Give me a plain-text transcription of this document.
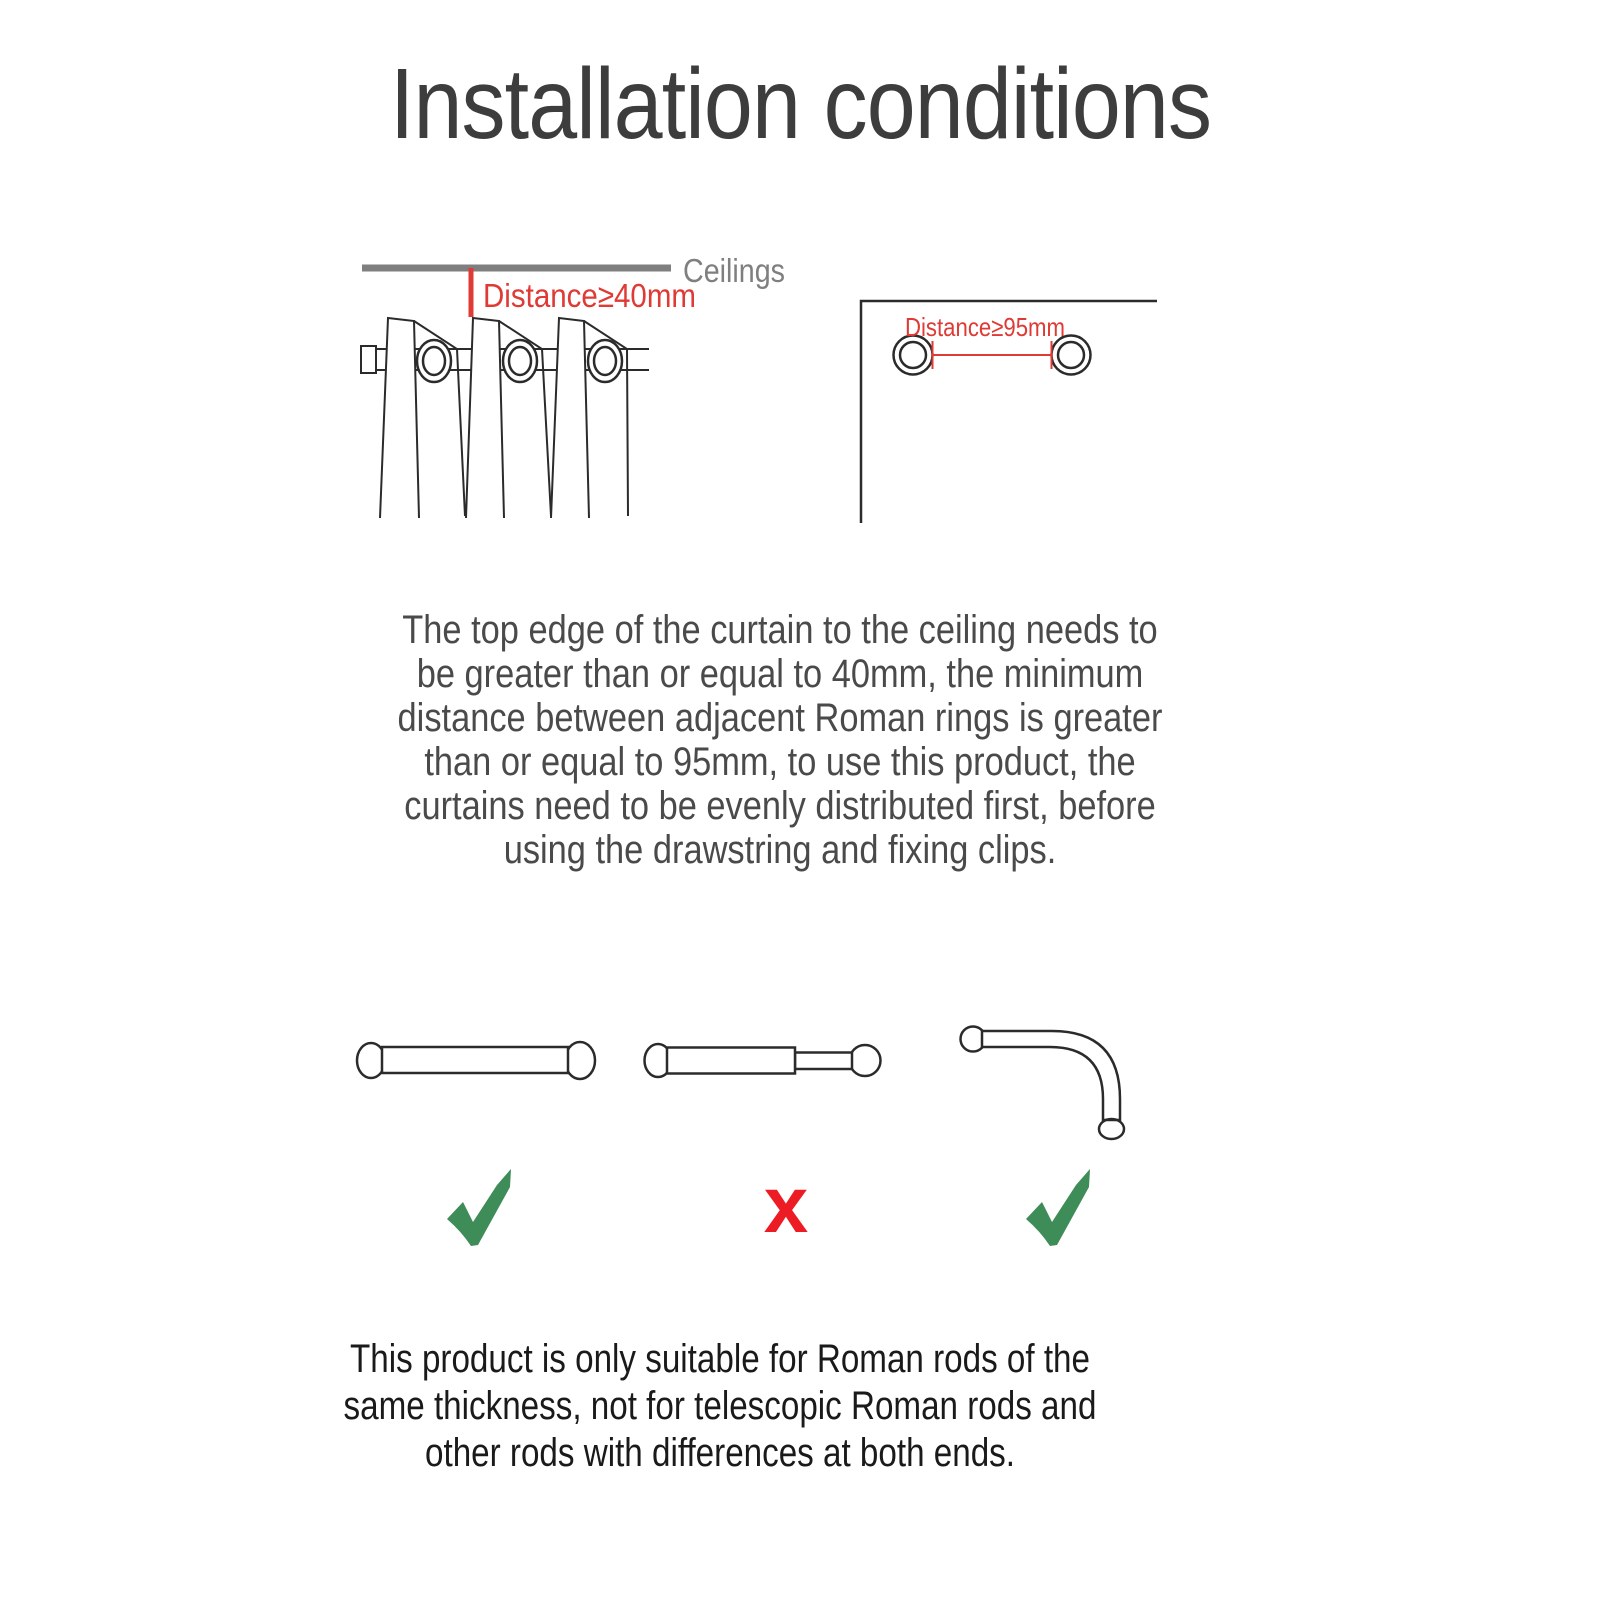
Installation conditions
Ceilings
Distance≥40mm
Distance≥95mm
The top edge of the curtain to the ceiling needs to
be greater than or equal to 40mm, the minimum
distance between adjacent Roman rings is greater
than or equal to 95mm, to use this product, the
curtains need to be evenly distributed first, before
using the drawstring and fixing clips.
x
This product is only suitable for Roman rods of the
same thickness, not for telescopic Roman rods and
other rods with differences at both ends.
